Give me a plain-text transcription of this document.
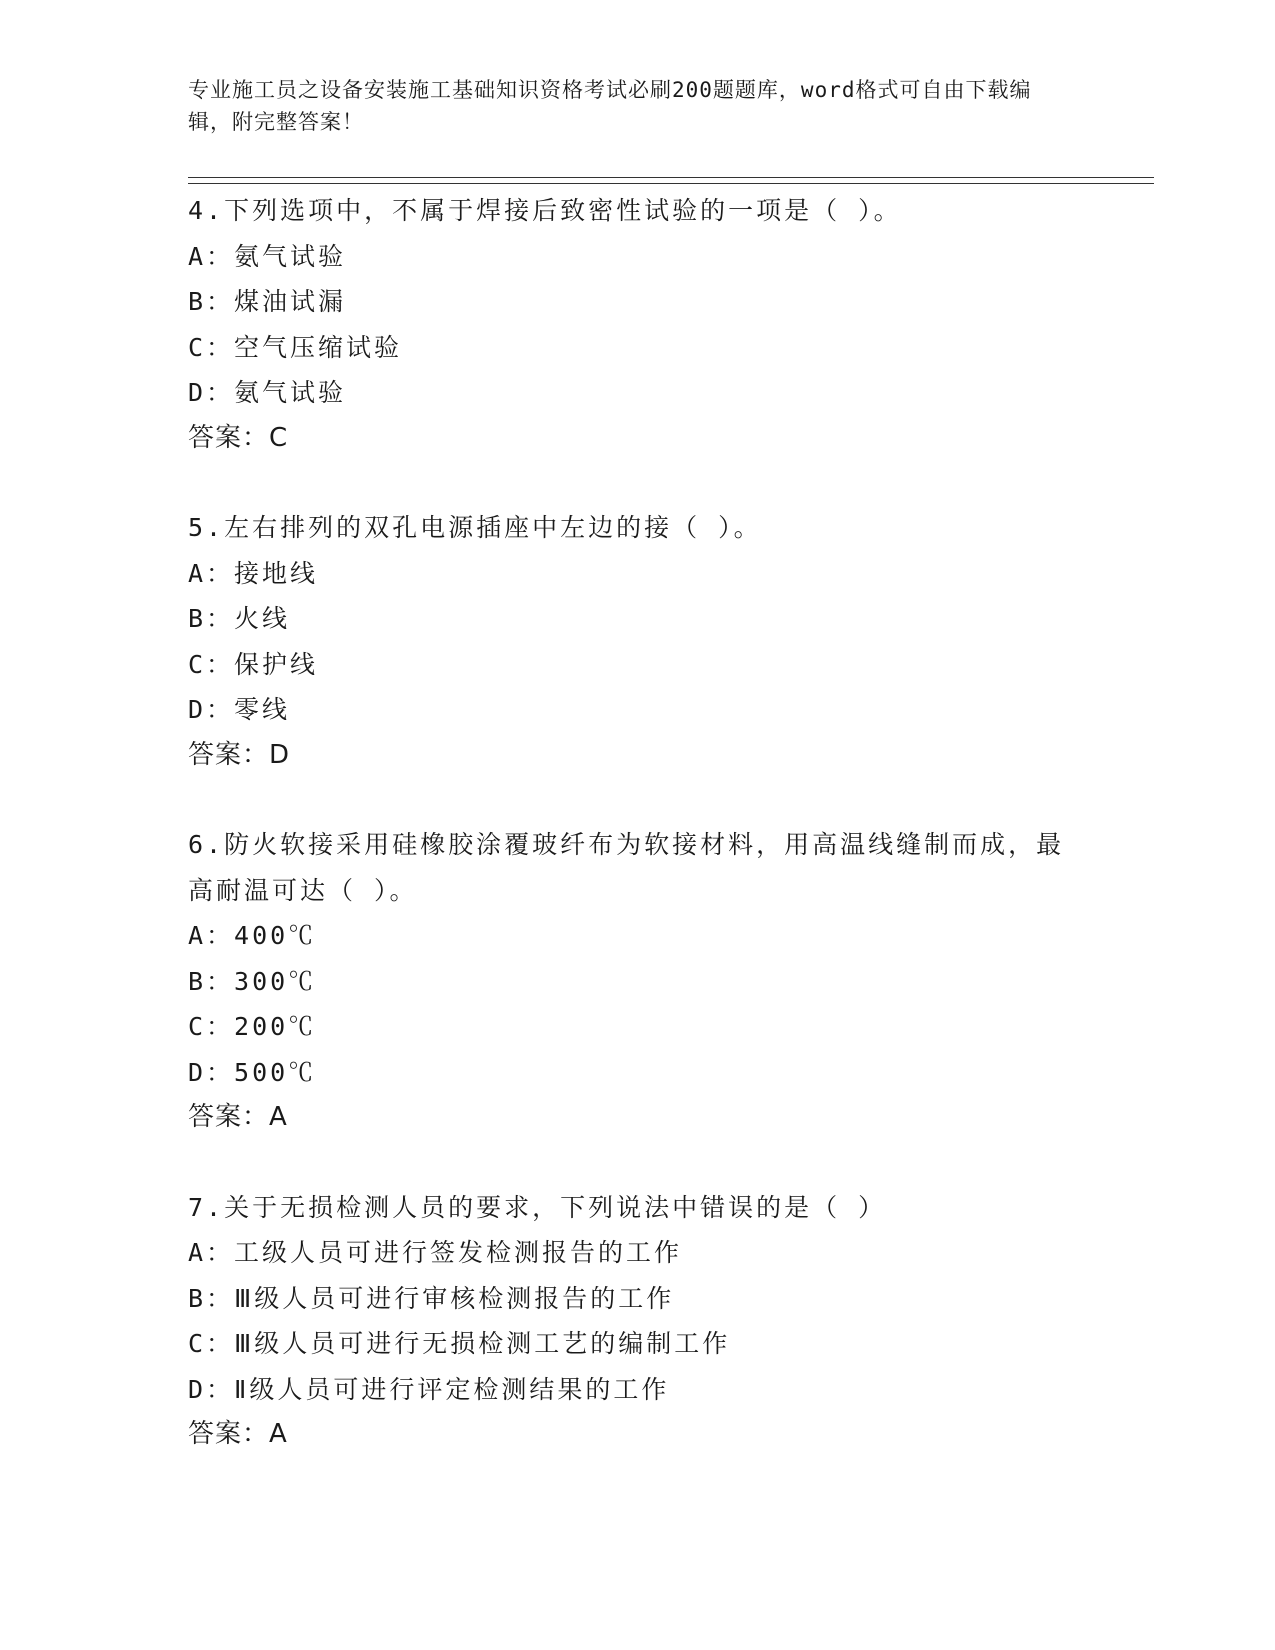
专业施工员之设备安装施工基础知识资格考试必刷200题题库，word格式可自由下载编辑，附完整答案！
4.下列选项中，不属于焊接后致密性试验的一项是（ ）。
A：氨气试验
B：煤油试漏
C：空气压缩试验
D：氨气试验
答案：C
5.左右排列的双孔电源插座中左边的接（ ）。
A：接地线
B：火线
C：保护线
D：零线
答案：D
6.防火软接采用硅橡胶涂覆玻纤布为软接材料，用高温线缝制而成，最高耐温可达（ ）。
A：400℃
B：300℃
C：200℃
D：500℃
答案：A
7.关于无损检测人员的要求，下列说法中错误的是（ ）
A：工级人员可进行签发检测报告的工作
B：Ⅲ级人员可进行审核检测报告的工作
C：Ⅲ级人员可进行无损检测工艺的编制工作
D：Ⅱ级人员可进行评定检测结果的工作
答案：A
